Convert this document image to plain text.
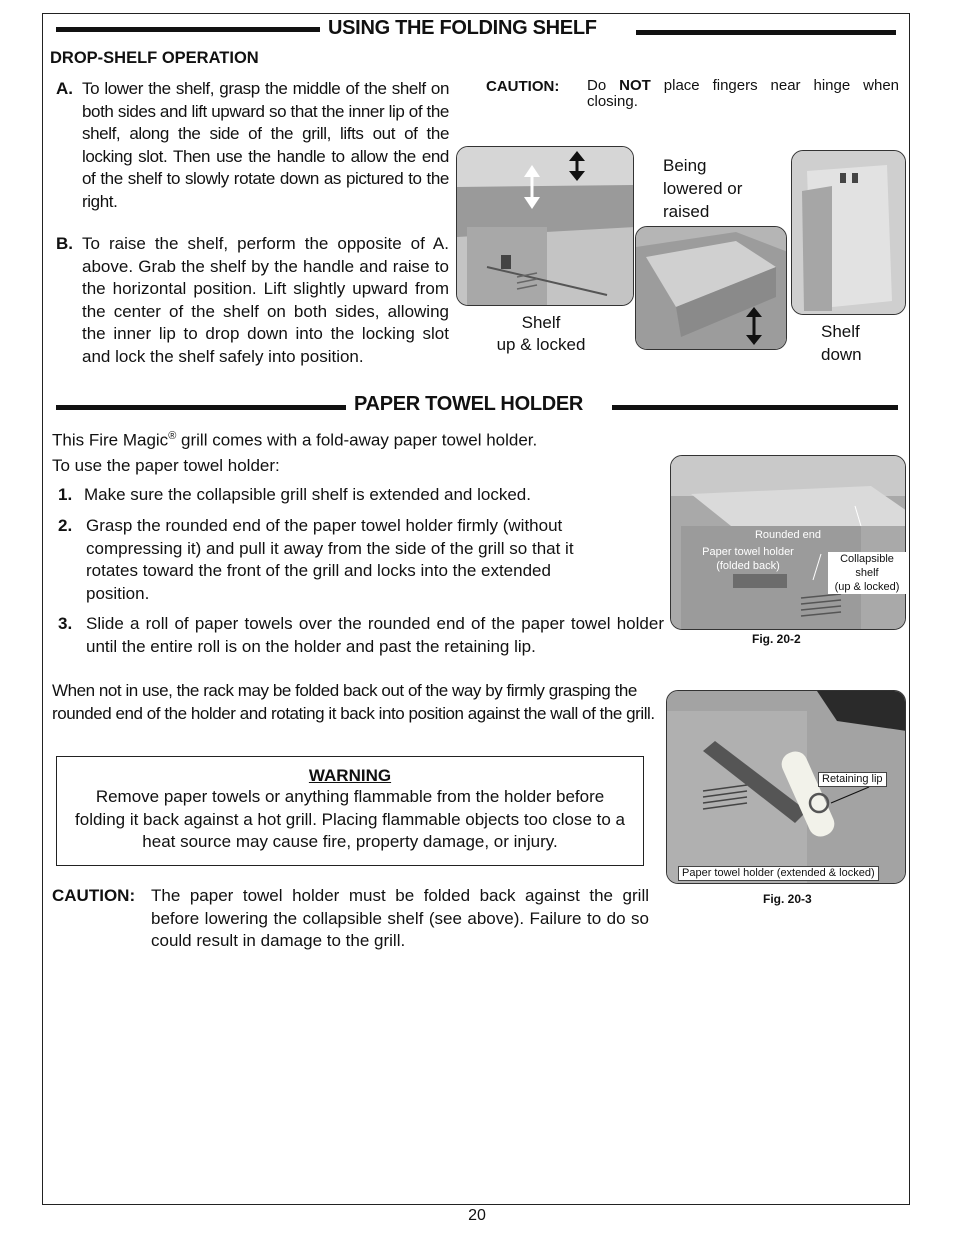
USING THE FOLDING SHELF
DROP-SHELF OPERATION
A. To lower the shelf, grasp the middle of the shelf on both sides and lift upward so that the inner lip of the shelf, along the side of the grill, lifts out of the locking slot. Then use the handle to allow the end of the shelf to slowly rotate down as pictured to the right.
B. To raise the shelf, perform the opposite of A. above. Grab the shelf by the handle and raise to the horizontal position. Lift slightly upward from the center of the shelf on both sides, allowing the inner lip to drop down into the locking slot and lock the shelf safely into position.
CAUTION: Do NOT place fingers near hinge when closing.
Shelf
up & locked
Being
lowered or
raised
Shelf
down
PAPER TOWEL HOLDER
This Fire Magic® grill comes with a fold-away paper towel holder.
To use the paper towel holder:
1. Make sure the collapsible grill shelf is extended and locked.
2. Grasp the rounded end of the paper towel holder firmly (without compressing it) and pull it away from the side of the grill so that it rotates toward the front of the grill and locks into the extended position.
3. Slide a roll of paper towels over the rounded end of the paper towel holder until the entire roll is on the holder and past the retaining lip.
When not in use, the rack may be folded back out of the way by firmly grasping the rounded end of the holder and rotating it back into position against the wall of the grill.
WARNING
Remove paper towels or anything flammable from the holder before folding it back against a hot grill. Placing flammable objects too close to a heat source may cause fire, property damage, or injury.
CAUTION: The paper towel holder must be folded back against the grill before lowering the collapsible shelf (see above). Failure to do so could result in damage to the grill.
Rounded end
Paper towel holder
(folded back)
Collapsible
shelf
(up & locked)
Fig. 20-2
Retaining lip
Paper towel holder (extended & locked)
Fig. 20-3
20
